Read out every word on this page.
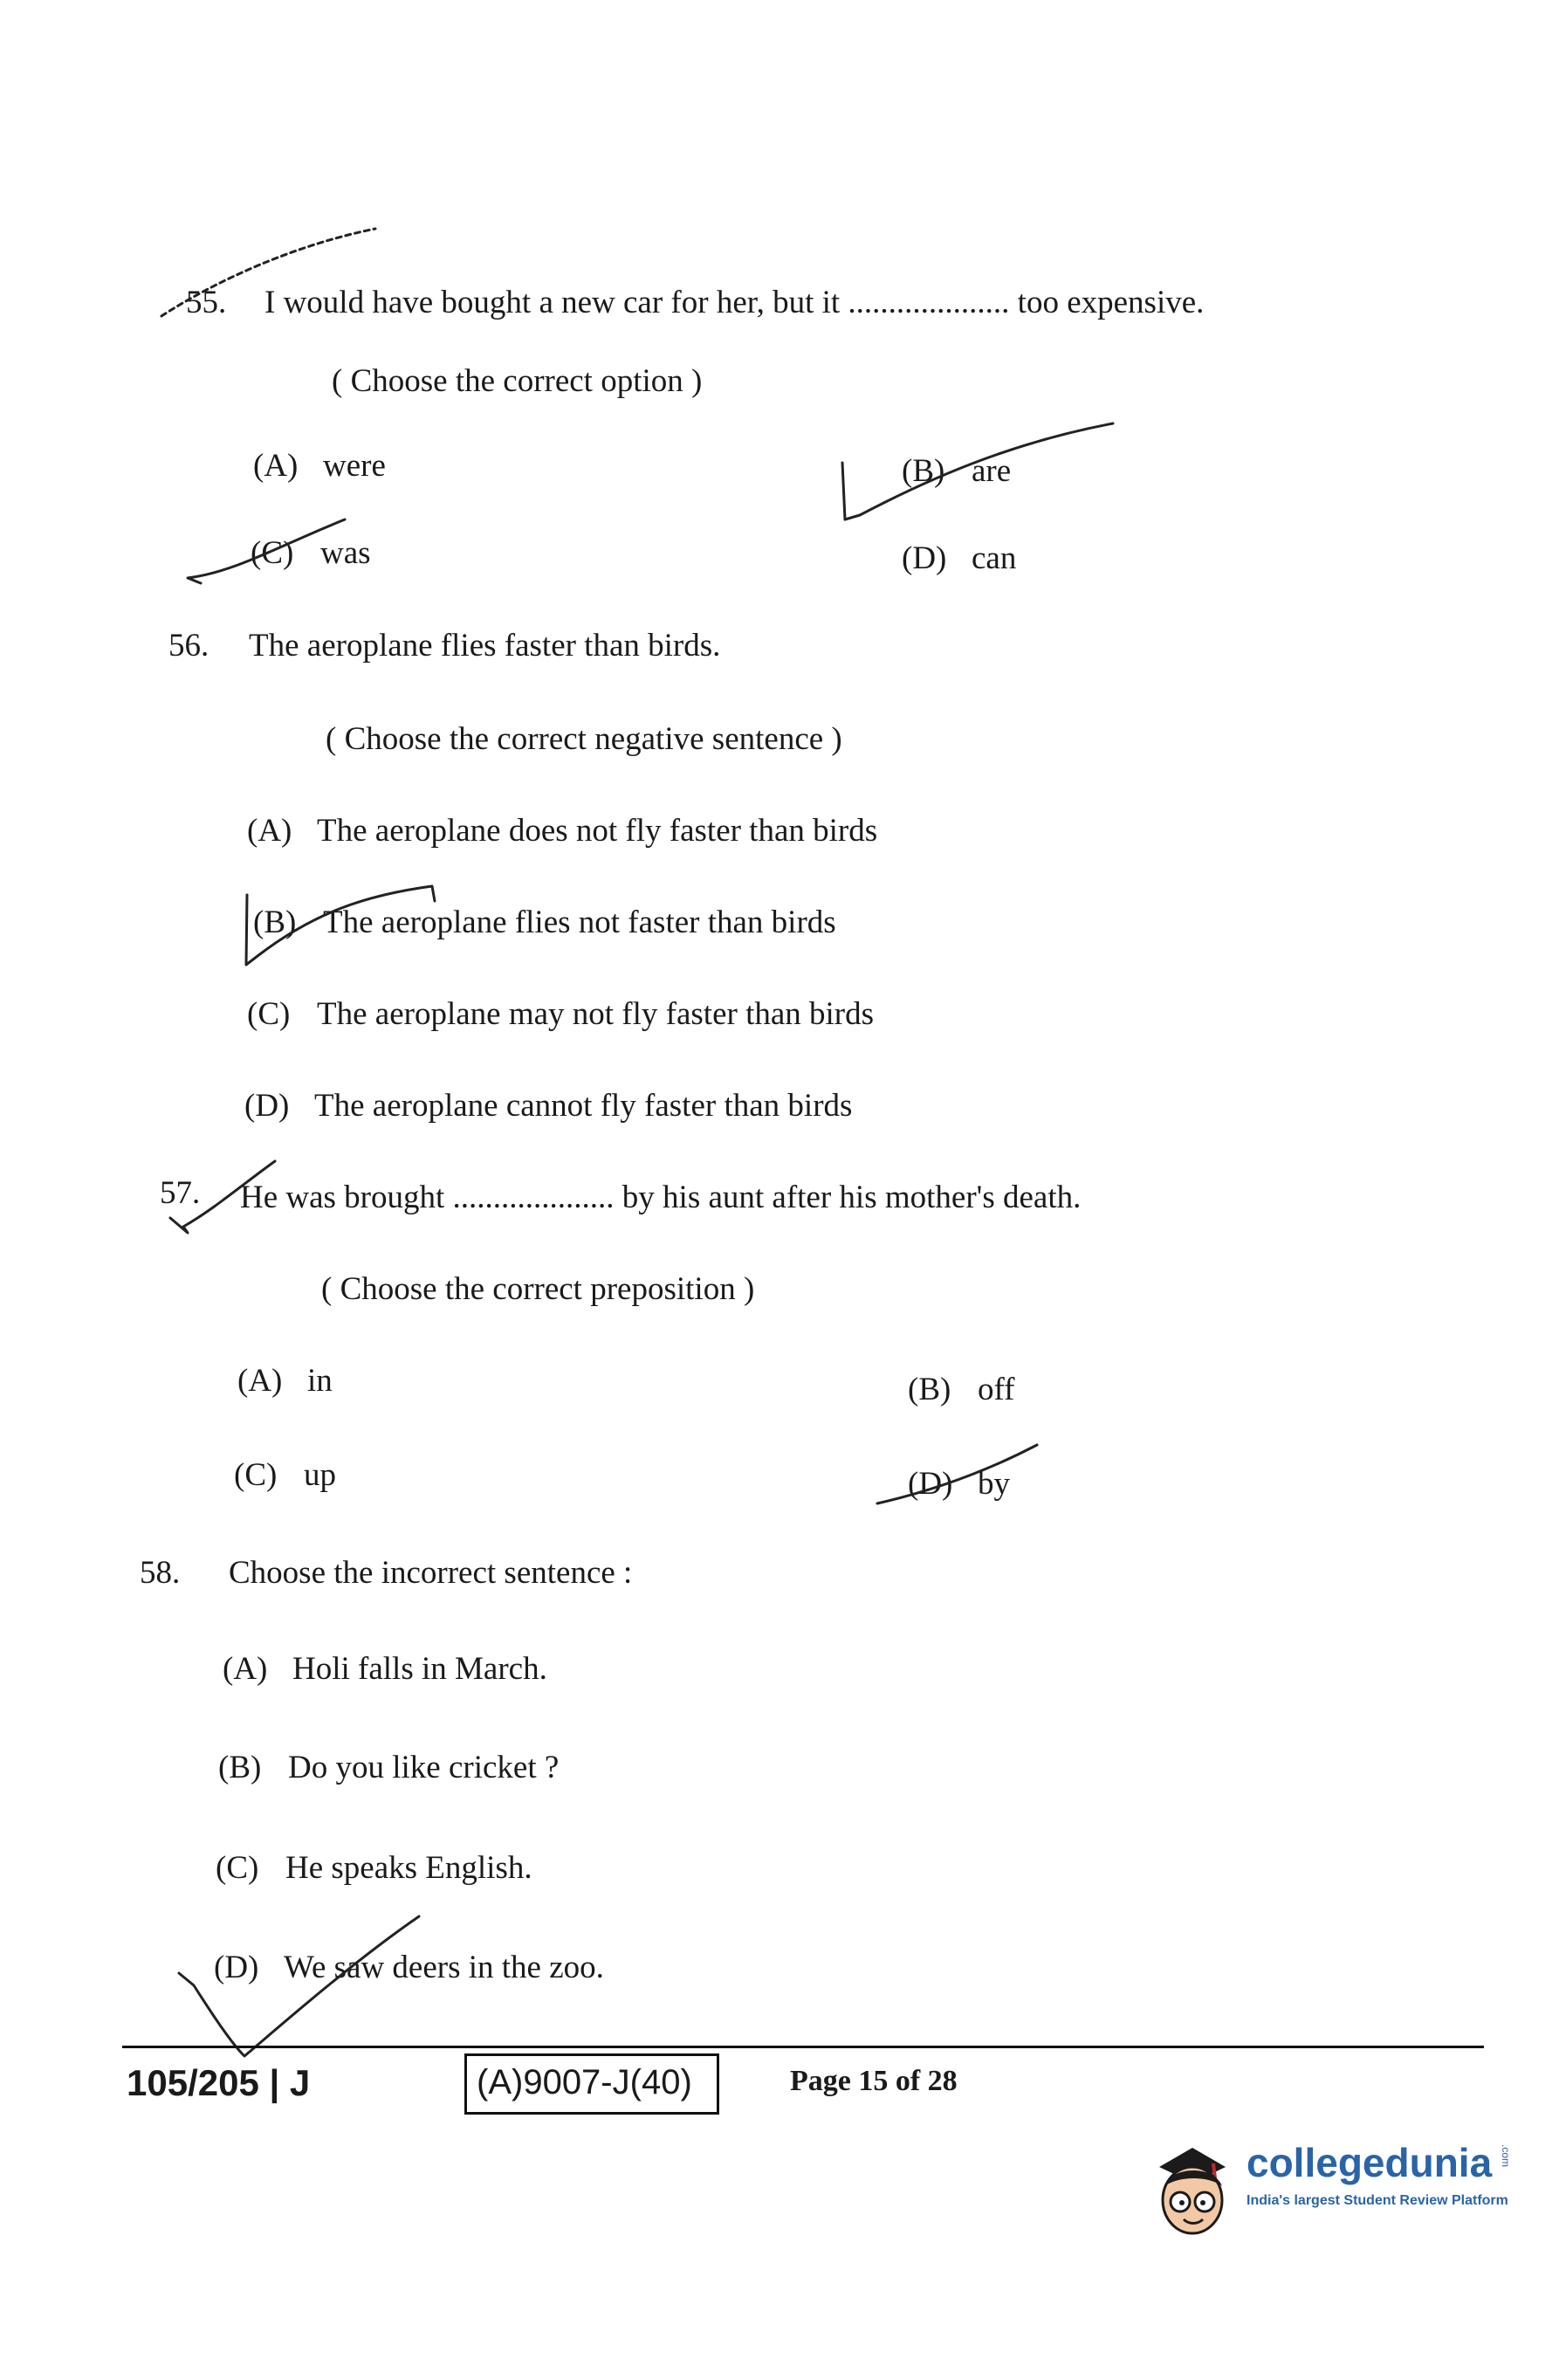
55. I would have bought a new car for her, but it .................... too expensive.
( Choose the correct option )
(A) were	(B) are
(C) was	(D) can
56. The aeroplane flies faster than birds.
( Choose the correct negative sentence )
(A) The aeroplane does not fly faster than birds
(B) The aeroplane flies not faster than birds
(C) The aeroplane may not fly faster than birds
(D) The aeroplane cannot fly faster than birds
57. He was brought .................... by his aunt after his mother's death.
( Choose the correct preposition )
(A) in	(B) off
(C) up	(D) by
58. Choose the incorrect sentence :
(A) Holi falls in March.
(B) Do you like cricket ?
(C) He speaks English.
(D) We saw deers in the zoo.
105/205 | J	(A)9007-J(40)	Page 15 of 28
collegedunia .com
India's largest Student Review Platform
